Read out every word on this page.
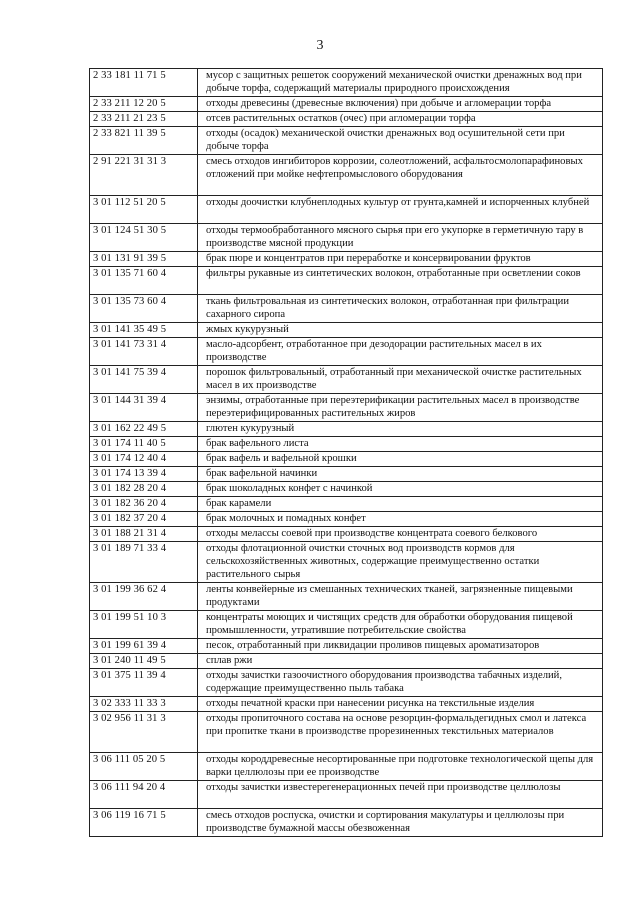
3
2 33 181 11 71 5	мусор с защитных решеток сооружений механической очистки дренажных вод при добыче торфа, содержащий материалы природного происхождения
2 33 211 12 20 5	отходы древесины (древесные включения) при добыче и агломерации торфа
2 33 211 21 23 5	отсев растительных остатков (очес) при агломерации торфа
2 33 821 11 39 5	отходы (осадок) механической очистки дренажных вод осушительной сети при добыче торфа
2 91 221 31 31 3	смесь отходов ингибиторов коррозии, солеотложений, асфальтосмолопарафиновых отложений при мойке нефтепромыслового оборудования
3 01 112 51 20 5	отходы доочистки клубнеплодных культур от грунта,камней и испорченных клубней
3 01 124 51 30 5	отходы термообработанного мясного сырья при его укупорке в герметичную тару в производстве мясной продукции
3 01 131 91 39 5	брак пюре и концентратов при переработке и консервировании фруктов
3 01 135 71 60 4	фильтры рукавные из синтетических волокон, отработанные при осветлении соков
3 01 135 73 60 4	ткань фильтровальная из синтетических волокон, отработанная при фильтрации сахарного сиропа
3 01 141 35 49 5	жмых кукурузный
3 01 141 73 31 4	масло-адсорбент, отработанное при дезодорации растительных масел в их производстве
3 01 141 75 39 4	порошок фильтровальный, отработанный при механической очистке растительных масел в их производстве
3 01 144 31 39 4	энзимы, отработанные при переэтерификации растительных масел в производстве переэтерифицированных растительных жиров
3 01 162 22 49 5	глютен кукурузный
3 01 174 11 40 5	брак вафельного листа
3 01 174 12 40 4	брак вафель и вафельной крошки
3 01 174 13 39 4	брак вафельной начинки
3 01 182 28 20 4	брак шоколадных конфет с начинкой
3 01 182 36 20 4	брак карамели
3 01 182 37 20 4	брак молочных и помадных конфет
3 01 188 21 31 4	отходы мелассы соевой при производстве концентрата соевого белкового
3 01 189 71 33 4	отходы флотационной очистки сточных вод производств кормов для сельскохозяйственных животных, содержащие преимущественно остатки растительного сырья
3 01 199 36 62 4	ленты конвейерные из смешанных технических тканей, загрязненные пищевыми продуктами
3 01 199 51 10 3	концентраты моющих и чистящих средств для обработки оборудования пищевой промышленности, утратившие потребительские свойства
3 01 199 61 39 4	песок, отработанный при ликвидации проливов пищевых ароматизаторов
3 01 240 11 49 5	сплав ржи
3 01 375 11 39 4	отходы зачистки газоочистного оборудования производства табачных изделий, содержащие преимущественно пыль табака
3 02 333 11 33 3	отходы печатной краски при нанесении рисунка на текстильные изделия
3 02 956 11 31 3	отходы пропиточного состава на основе резорцин-формальдегидных смол и латекса при пропитке ткани в производстве прорезиненных текстильных материалов
3 06 111 05 20 5	отходы короддревесные несортированные при подготовке технологической щепы для варки целлюлозы при ее производстве
3 06 111 94 20 4	отходы зачистки известерегенерационных печей при производстве целлюлозы
3 06 119 16 71 5	смесь отходов роспуска, очистки и сортирования макулатуры и целлюлозы при производстве бумажной массы обезвоженная
